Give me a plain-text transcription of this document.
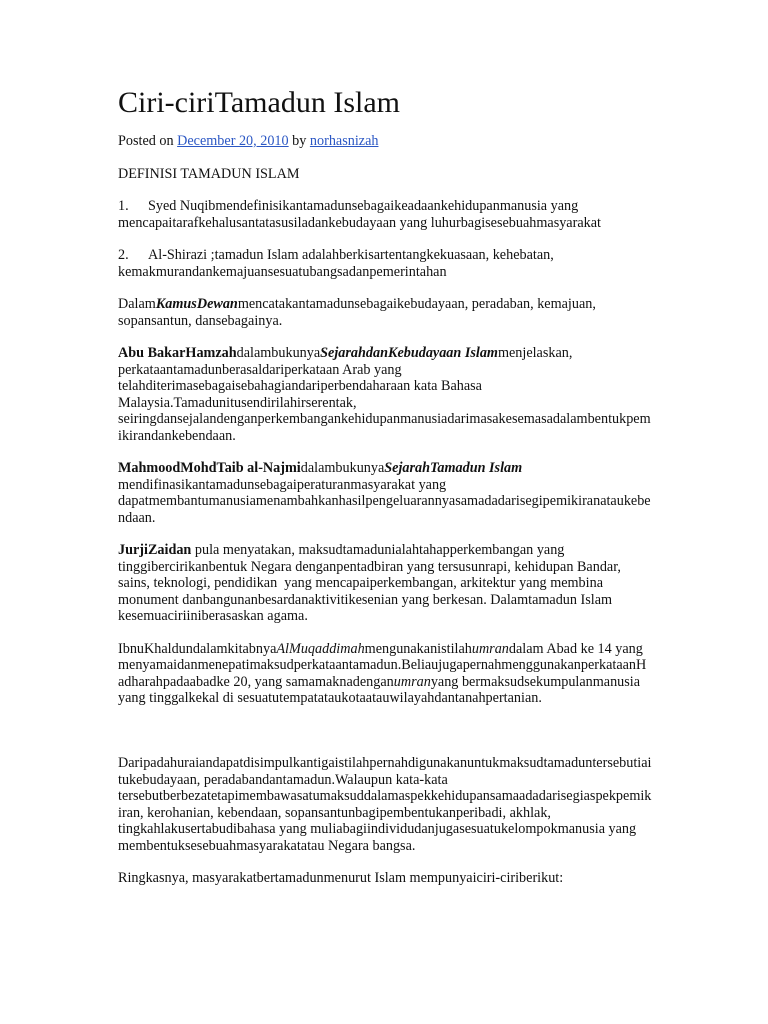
Ciri-ciriTamadun Islam
Posted on December 20, 2010 by norhasnizah
DEFINISI TAMADUN ISLAM
1. Syed Nuqibmendefinisikantamadunsebagaikeadaankehidupanmanusia yang
mencapaitarafkehalusantatasusiladankebudayaan yang luhurbagisesebuahmasyarakat
2. Al-Shirazi ;tamadun Islam adalahberkisartentangkekuasaan, kehebatan,
kemakmurandankemajuansesuatubangsadanpemerintahan
DalamKamusDewanmencatakantamadunsebagaikebudayaan, peradaban, kemajuan,
sopansantun, dansebagainya.
Abu BakarHamzahdalambukunyaSejarahdanKebudayaan Islammenjelaskan,
perkataantamadunberasaldariperkataan Arab yang
telahditerimasebagaisebahagiandariperbendaharaan kata Bahasa
Malaysia.Tamadunitusendirilahirserentak,
seiringdansejalandenganperkembangankehidupanmanusiadarimasakesemasadalambentukpem
ikirandankebendaan.
MahmoodMohdTaib al-NajmidalambukunyaSejarahTamadun Islam
mendifinasikantamadunsebagaiperaturanmasyarakat yang
dapatmembantumanusiamenambahkanhasilpengeluarannyasamadadarisegipemikiranataukebe
ndaan.
JurjiZaidan pula menyatakan, maksudtamadunialahtahapperkembangan yang
tinggibercirikanbentuk Negara denganpentadbiran yang tersusunrapi, kehidupan Bandar,
sains, teknologi, pendidikan  yang mencapaiperkembangan, arkitektur yang membina
monument danbangunanbesardanaktivitikesenian yang berkesan. Dalamtamadun Islam
kesemuaciriiniberasaskan agama.
IbnuKhaldundalamkitabnyaAlMuqaddimahmengunakanistilahumrandalam Abad ke 14 yang
menyamaidanmenepatimaksudperkataantamadun.BeliaujugapernahmenggunakanperkataanH
adharahpadaabadke 20, yang samamaknadenganumranyang bermaksudsekumpulanmanusia
yang tinggalkekal di sesuatutempatataukotaatauwilayahdantanahpertanian.
Daripadahuraiandapatdisimpulkantigaistilahpernahdigunakanuntukmaksudtamaduntersebutiai
tukebudayaan, peradabandantamadun.Walaupun kata-kata
tersebutberbezatetapimembawasatumaksuddalamaspekkehidupansamaadadarisegiaspekpemik
iran, kerohanian, kebendaan, sopansantunbagipembentukanperibadi, akhlak,
tingkahlakusertabudibahasa yang muliabagiindividudanjugasesuatukelompokmanusia yang
membentuksesebuahmasyarakatatau Negara bangsa.
Ringkasnya, masyarakatbertamadunmenurut Islam mempunyaiciri-ciriberikut:
